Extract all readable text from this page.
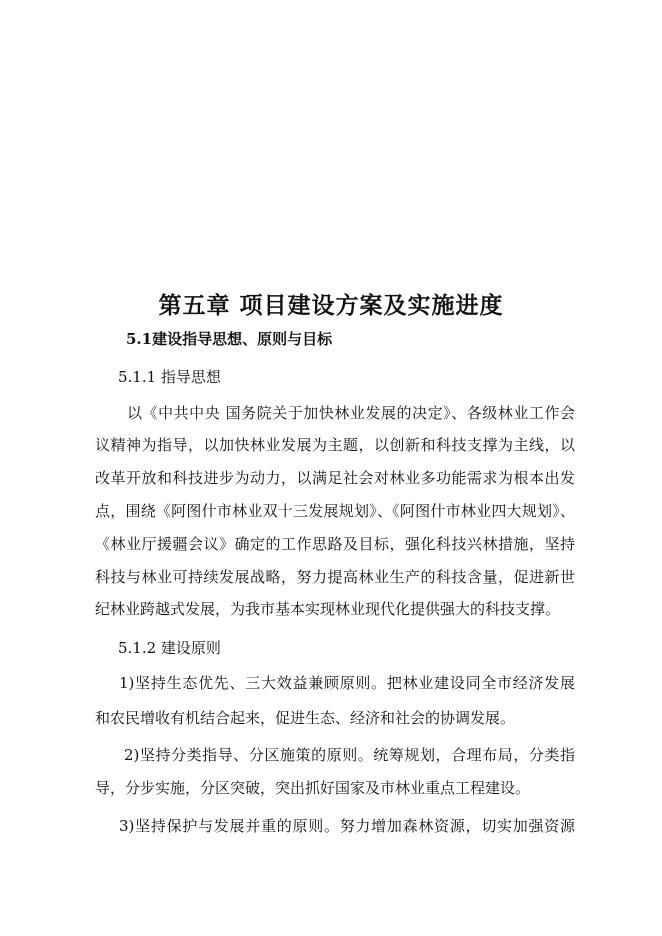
第五章 项目建设方案及实施进度
5.1建设指导思想、原则与目标
5.1.1 指导思想
以《中共中央 国务院关于加快林业发展的决定》、各级林业工作会
议精神为指导，以加快林业发展为主题，以创新和科技支撑为主线，以
改革开放和科技进步为动力，以满足社会对林业多功能需求为根本出发
点，围绕《阿图什市林业双十三发展规划》、《阿图什市林业四大规划》、
《林业厅援疆会议》确定的工作思路及目标，强化科技兴林措施，坚持
科技与林业可持续发展战略，努力提高林业生产的科技含量，促进新世
纪林业跨越式发展，为我市基本实现林业现代化提供强大的科技支撑。
5.1.2 建设原则
1)坚持生态优先、三大效益兼顾原则。把林业建设同全市经济发展
和农民增收有机结合起来，促进生态、经济和社会的协调发展。
2)坚持分类指导、分区施策的原则。统筹规划，合理布局，分类指
导，分步实施，分区突破，突出抓好国家及市林业重点工程建设。
3)坚持保护与发展并重的原则。努力增加森林资源，切实加强资源
